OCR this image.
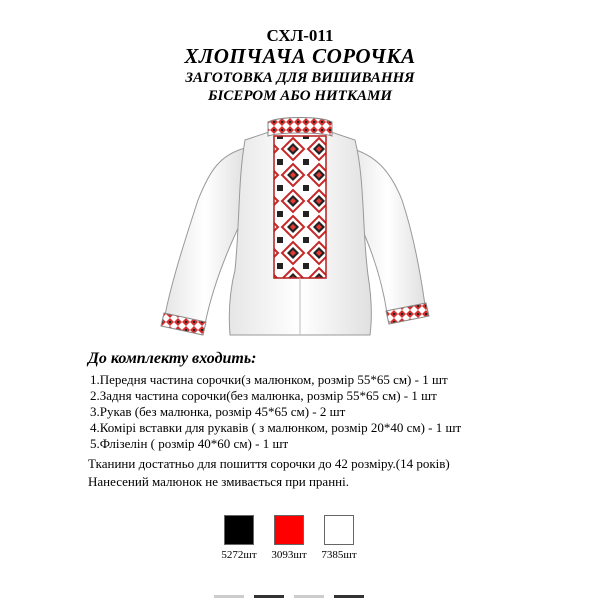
СХЛ-011
ХЛОПЧАЧА СОРОЧКА
ЗАГОТОВКА ДЛЯ ВИШИВАННЯ
БІСЕРОМ АБО НИТКАМИ
До комплекту входить:
1.Передня частина сорочки(з малюнком, розмір 55*65 см) - 1 шт
2.Задня частина сорочки(без малюнка, розмір 55*65 см) - 1 шт
3.Рукав (без малюнка, розмір 45*65 см) - 2 шт
4.Комірі вставки для рукавів ( з малюнком, розмір 20*40 см) - 1 шт
5.Флізелін ( розмір 40*60 см) - 1 шт
Тканини достатньо для пошиття сорочки до 42 розміру.(14 років)
Нанесений малюнок не змивається при пранні.
5272шт	3093шт	7385шт
